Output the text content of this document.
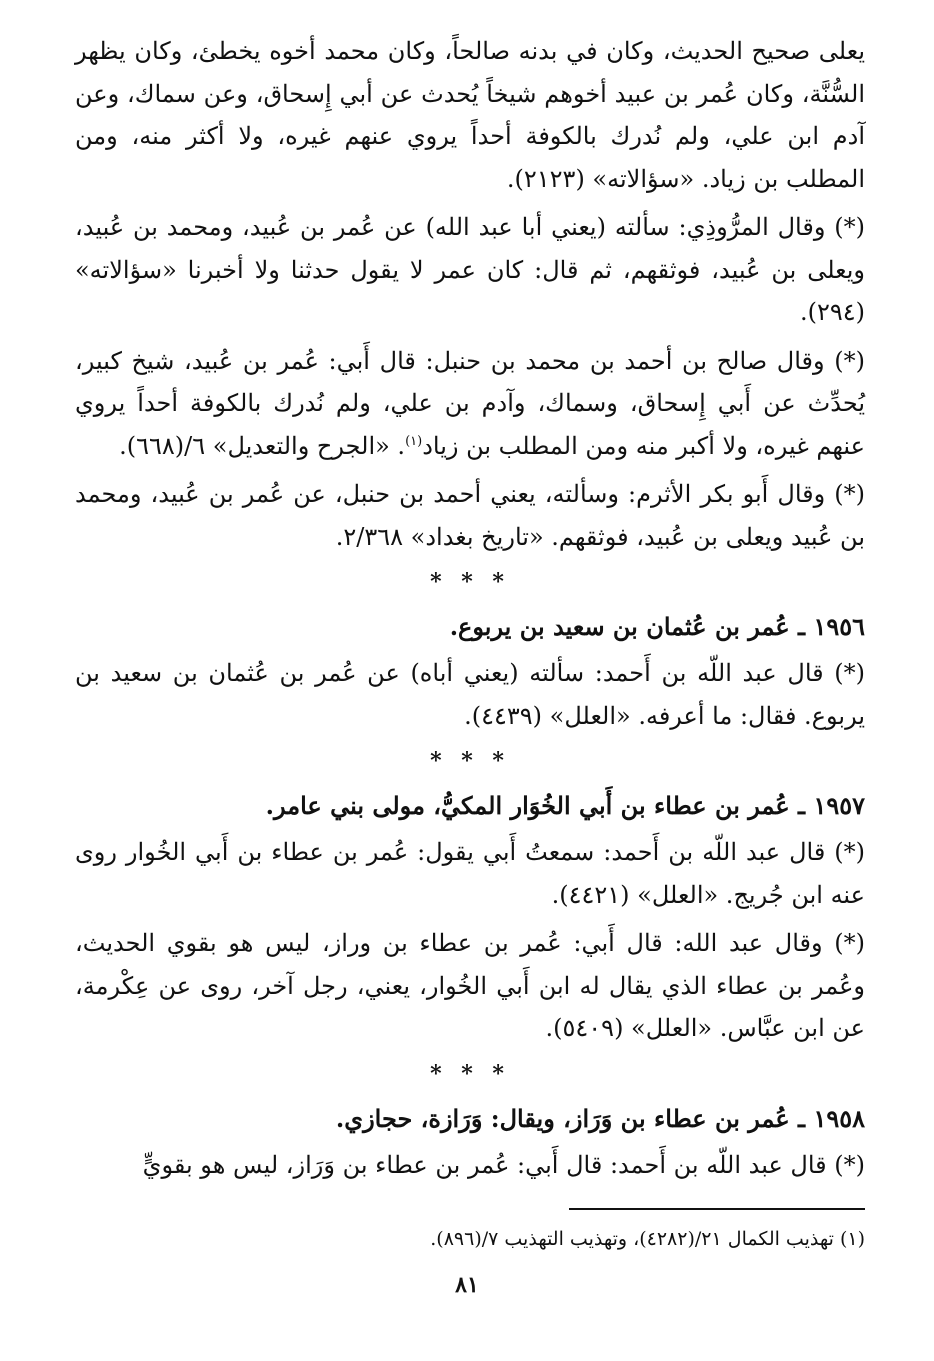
يعلى صحيح الحديث، وكان في بدنه صالحاً، وكان محمد أخوه يخطئ، وكان يظهر السُّنَّة، وكان عُمر بن عبيد أخوهم شيخاً يُحدث عن أبي إِسحاق، وعن سماك، وعن آدم ابن علي، ولم نُدرك بالكوفة أحداً يروي عنهم غيره، ولا أكثر منه، ومن المطلب بن زياد. «سؤالاته» (٢١٢٣).

(*) وقال المرُّوذِي: سألته (يعني أبا عبد الله) عن عُمر بن عُبيد، ومحمد بن عُبيد، ويعلى بن عُبيد، فوثقهم، ثم قال: كان عمر لا يقول حدثنا ولا أخبرنا «سؤالاته» (٢٩٤).

(*) وقال صالح بن أحمد بن محمد بن حنبل: قال أَبي: عُمر بن عُبيد، شيخ كبير، يُحدِّث عن أَبي إِسحاق، وسماك، وآدم بن علي، ولم نُدرك بالكوفة أحداً يروي عنهم غيره، ولا أكبر منه ومن المطلب بن زياد$^{(١)}$. «الجرح والتعديل» ٦/(٦٦٨).

(*) وقال أَبو بكر الأثرم: وسألته، يعني أحمد بن حنبل، عن عُمر بن عُبيد، ومحمد بن عُبيد ويعلى بن عُبيد، فوثقهم. «تاريخ بغداد» ٢/٣٦٨.

* * *
١٩٥٦ ـ عُمر بن عُثمان بن سعيد بن يربوع.

(*) قال عبد اللّه بن أَحمد: سألته (يعني أباه) عن عُمر بن عُثمان بن سعيد بن يربوع. فقال: ما أعرفه. «العلل» (٤٤٣٩).

* * *
١٩٥٧ ـ عُمر بن عطاء بن أَبي الخُوَار المكيُّ، مولى بني عامر.

(*) قال عبد اللّه بن أَحمد: سمعتُ أَبي يقول: عُمر بن عطاء بن أَبي الخُوار روى عنه ابن جُريج. «العلل» (٤٤٢١).

(*) وقال عبد الله: قال أَبي: عُمر بن عطاء بن وراز، ليس هو بقوي الحديث، وعُمر بن عطاء الذي يقال له ابن أَبي الخُوار، يعني، رجل آخر، روى عن عِكْرمة، عن ابن عبَّاس. «العلل» (٥٤٠٩).

* * *
١٩٥٨ ـ عُمر بن عطاء بن وَرَاز، ويقال: وَرَازة، حجازي.

(*) قال عبد اللّه بن أَحمد: قال أَبي: عُمر بن عطاء بن وَرَاز، ليس هو بقويٍّ

(١) تهذيب الكمال ٢١/(٤٢٨٢)، وتهذيب التهذيب ٧/(٨٩٦).

٨١
